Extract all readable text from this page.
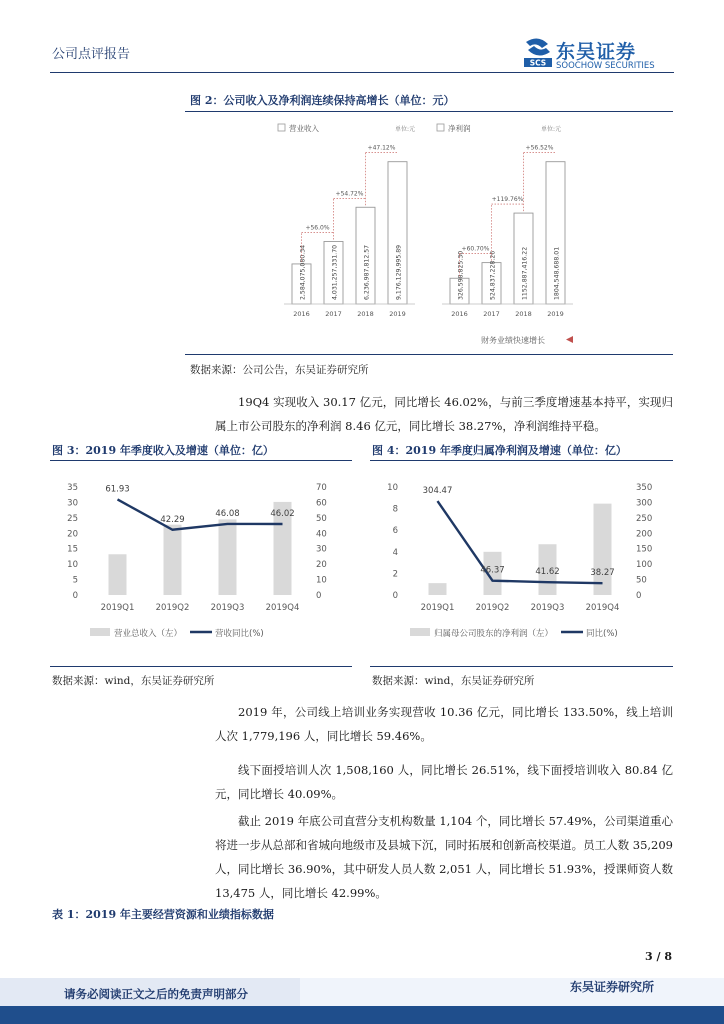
公司点评报告
SCS 东吴证券
SOOCHOW SECURITIES
图 2：公司收入及净利润连续保持高增长（单位：元）
营业收入	单位:元	净利润	单位:元
2,584,075,080.34
2016
4,031,257,331.70
2017
6,236,987,812.57
2018
9,176,129,995.89
2019
+56.0%
+54.72%
+47.12%
326,598,825.30
2016
524,837,228.26
2017
1152,887,416.22
2018
1804,548,688.01
2019
+60.70%
+119.76%
+56.52%
财务业绩快速增长
数据来源：公司公告，东吴证券研究所
19Q4 实现收入 30.17 亿元，同比增长 46.02%，与前三季度增速基本持平，实现归属上市公司股东的净利润 8.46 亿元，同比增长 38.27%，净利润维持平稳。
图 3：2019 年季度收入及增速（单位：亿）	图 4：2019 年季度归属净利润及增速（单位：亿）
0
5
10
15
20
25
30
35
0
10
20
30
40
50
60
70
2019Q1	2019Q2	2019Q3	2019Q4
61.93
42.29
46.08	46.02
营业总收入（左）	营收同比(%)
0
2
4
6
8
10
0
50
100
150
200
250
300
350
2019Q1	2019Q2	2019Q3	2019Q4
304.47
46.37	41.62	38.27
归属母公司股东的净利润（左）	同比(%)
数据来源：wind，东吴证券研究所	数据来源：wind，东吴证券研究所
2019 年，公司线上培训业务实现营收 10.36 亿元，同比增长 133.50%，线上培训人次 1,779,196 人，同比增长 59.46%。
线下面授培训人次 1,508,160 人，同比增长 26.51%，线下面授培训收入 80.84 亿元，同比增长 40.09%。
截止 2019 年底公司直营分支机构数量 1,104 个，同比增长 57.49%，公司渠道重心将进一步从总部和省城向地级市及县城下沉，同时拓展和创新高校渠道。员工人数 35,209 人，同比增长 36.90%，其中研发人员人数 2,051 人，同比增长 51.93%，授课师资人数 13,475 人，同比增长 42.99%。
表 1：2019 年主要经营资源和业绩指标数据
3 / 8
请务必阅读正文之后的免责声明部分	东吴证券研究所
